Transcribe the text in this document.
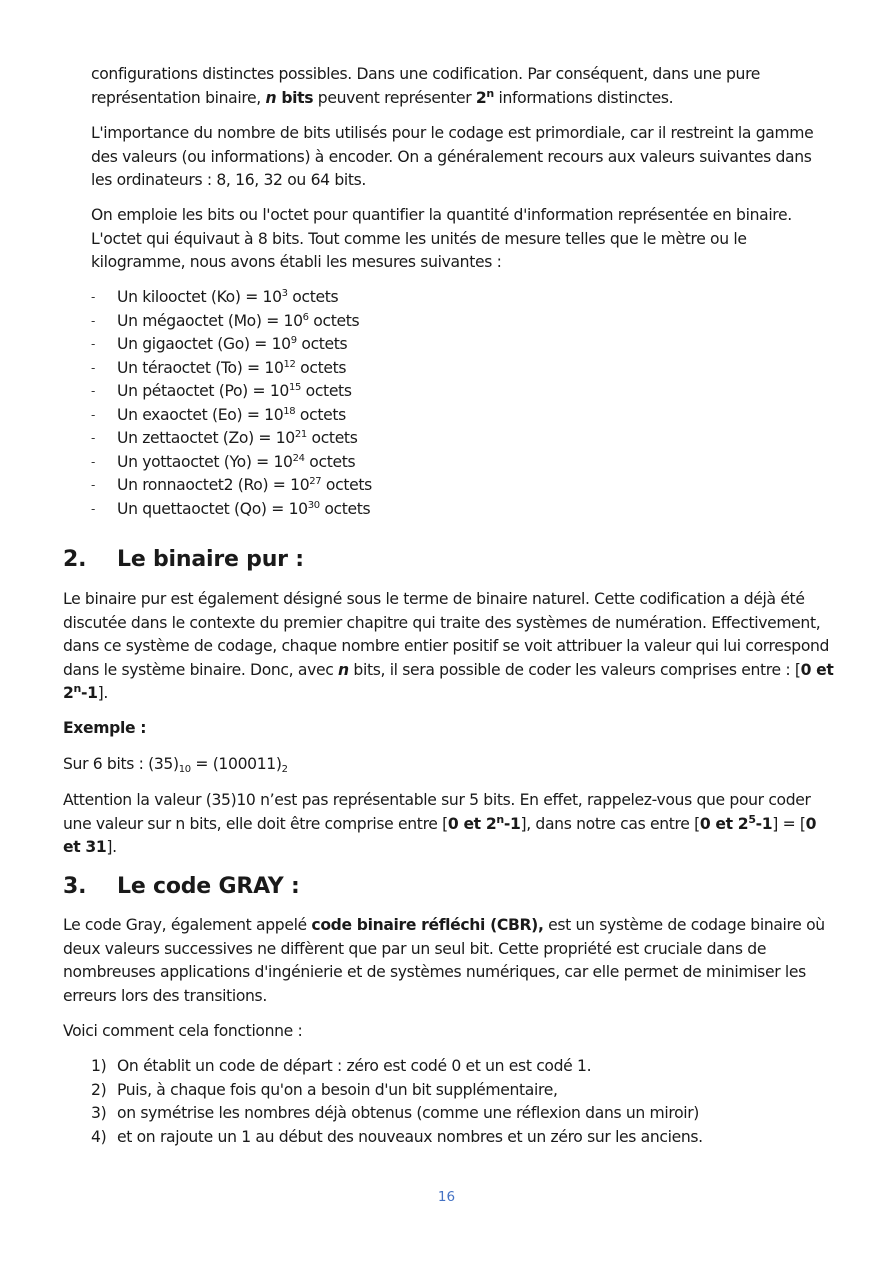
configurations distinctes possibles. Dans une codification. Par conséquent, dans une pure représentation binaire, n bits peuvent représenter 2$^n$ informations distinctes.

L'importance du nombre de bits utilisés pour le codage est primordiale, car il restreint la gamme des valeurs (ou informations) à encoder. On a généralement recours aux valeurs suivantes dans les ordinateurs : 8, 16, 32 ou 64 bits.

On emploie les bits ou l'octet pour quantifier la quantité d'information représentée en binaire. L'octet qui équivaut à 8 bits. Tout comme les unités de mesure telles que le mètre ou le kilogramme, nous avons établi les mesures suivantes :

- Un kilooctet $(Ko) = 10^3$ octets
- Un mégaoctet $(Mo) = 10^6$ octets
- Un gigaoctet $(Go) = 10^9$ octets
- Un téraoctet $(To) = 10^{12}$ octets
- Un pétaoctet $(Po) = 10^{15}$ octets
- Un exaoctet $(Eo) = 10^{18}$ octets
- Un zettaoctet $(Zo) = 10^{21}$ octets
- Un yottaoctet $(Yo) = 10^{24}$ octets
- Un ronnaoctet2 $(Ro) = 10^{27}$ octets
- Un quettaoctet $(Qo) = 10^{30}$ octets
2. Le binaire pur :

Le binaire pur est également désigné sous le terme de binaire naturel. Cette codification a déjà été discutée dans le contexte du premier chapitre qui traite des systèmes de numération. Effectivement, dans ce système de codage, chaque nombre entier positif se voit attribuer la valeur qui lui correspond dans le système binaire. Donc, avec n bits, il sera possible de coder les valeurs comprises entre : [0 et 2$^n$-1].

Exemple :

Sur 6 bits : $(35)_{10} = (100011)_2$

Attention la valeur (35)10 n’est pas représentable sur 5 bits. En effet, rappelez-vous que pour coder une valeur sur n bits, elle doit être comprise entre [0 et 2$^n$-1], dans notre cas entre [0 et $2^5-1] = [0$ et 31].

3. Le code GRAY :

Le code Gray, également appelé code binaire réfléchi (CBR), est un système de codage binaire où deux valeurs successives ne diffèrent que par un seul bit. Cette propriété est cruciale dans de nombreuses applications d'ingénierie et de systèmes numériques, car elle permet de minimiser les erreurs lors des transitions.

Voici comment cela fonctionne :

1) On établit un code de départ : zéro est codé 0 et un est codé 1.
2) Puis, à chaque fois qu'on a besoin d'un bit supplémentaire,
3) on symétrise les nombres déjà obtenus (comme une réflexion dans un miroir)
4) et on rajoute un 1 au début des nouveaux nombres et un zéro sur les anciens.
16
